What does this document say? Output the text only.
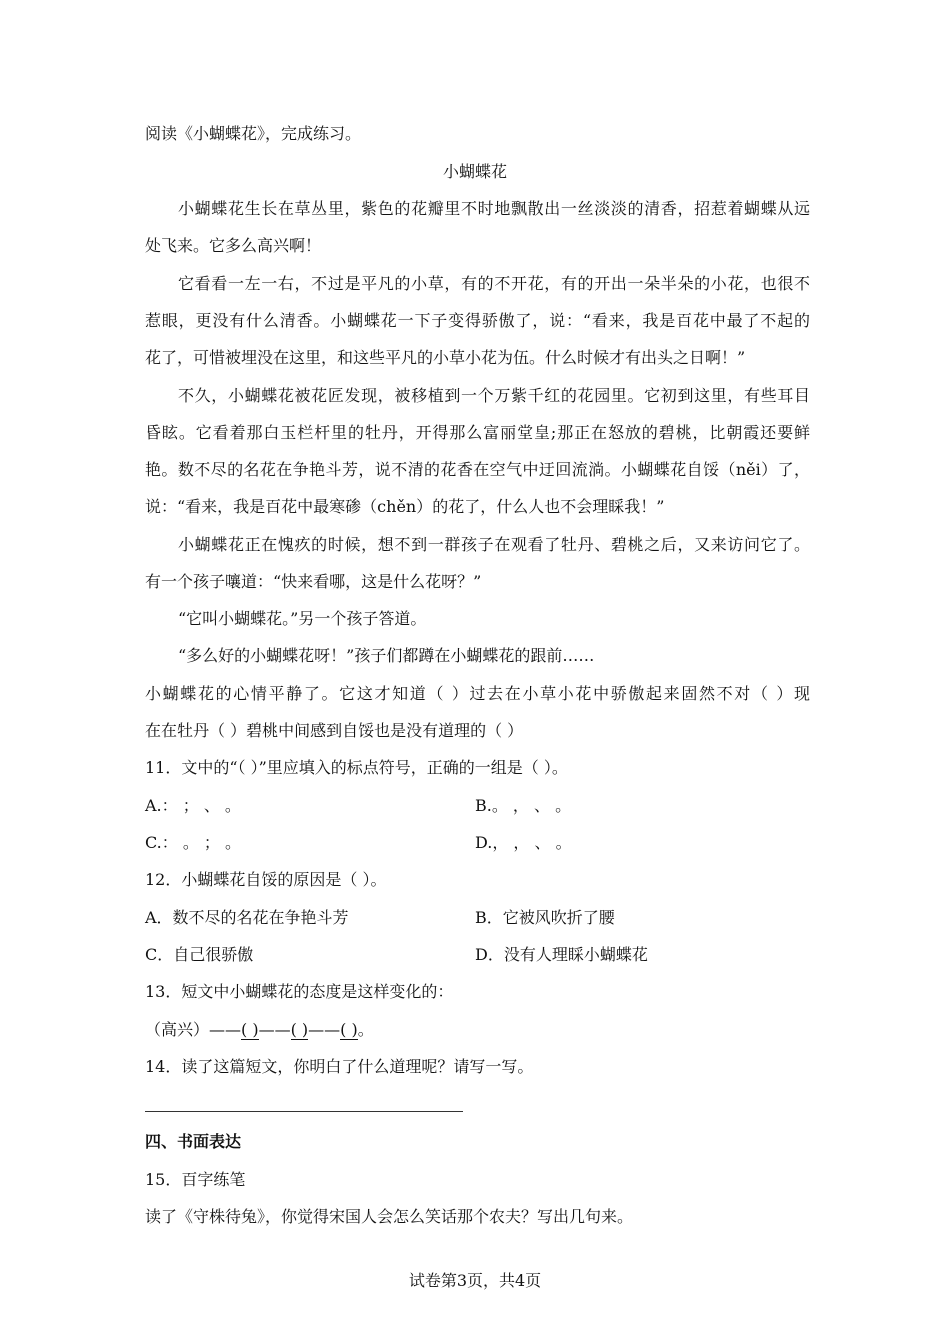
阅读《小蝴蝶花》，完成练习。
小蝴蝶花
小蝴蝶花生长在草丛里，紫色的花瓣里不时地飘散出一丝淡淡的清香，招惹着蝴蝶从远
处飞来。它多么高兴啊！
它看看一左一右，不过是平凡的小草，有的不开花，有的开出一朵半朵的小花，也很不
惹眼，更没有什么清香。小蝴蝶花一下子变得骄傲了，说：“看来，我是百花中最了不起的
花了，可惜被埋没在这里，和这些平凡的小草小花为伍。什么时候才有出头之日啊！”
不久，小蝴蝶花被花匠发现，被移植到一个万紫千红的花园里。它初到这里，有些耳目
昏眩。它看着那白玉栏杆里的牡丹，开得那么富丽堂皇;那正在怒放的碧桃，比朝霞还要鲜
艳。数不尽的名花在争艳斗芳，说不清的花香在空气中迂回流淌。小蝴蝶花自馁（něi）了，
说：“看来，我是百花中最寒碜（chěn）的花了，什么人也不会理睬我！”
小蝴蝶花正在愧疚的时候，想不到一群孩子在观看了牡丹、碧桃之后，又来访问它了。
有一个孩子嚷道：“快来看哪，这是什么花呀？”
“它叫小蝴蝶花。”另一个孩子答道。
“多么好的小蝴蝶花呀！”孩子们都蹲在小蝴蝶花的跟前……
小蝴蝶花的心情平静了。它这才知道（ ）过去在小草小花中骄傲起来固然不对（ ）现
在在牡丹（ ）碧桃中间感到自馁也是没有道理的（ ）
11．文中的“（ ）”里应填入的标点符号，正确的一组是（ ）。
A.： ； 、 。	B.。 ， 、 。
C.： 。 ； 。	D.， ， 、 。
12．小蝴蝶花自馁的原因是（ ）。
A．数不尽的名花在争艳斗芳	B．它被风吹折了腰
C．自己很骄傲	D．没有人理睬小蝴蝶花
13．短文中小蝴蝶花的态度是这样变化的：
（高兴）——( )——( )——( )。
14．读了这篇短文，你明白了什么道理呢？请写一写。
四、书面表达
15．百字练笔
读了《守株待兔》，你觉得宋国人会怎么笑话那个农夫？写出几句来。
试卷第3页，共4页
